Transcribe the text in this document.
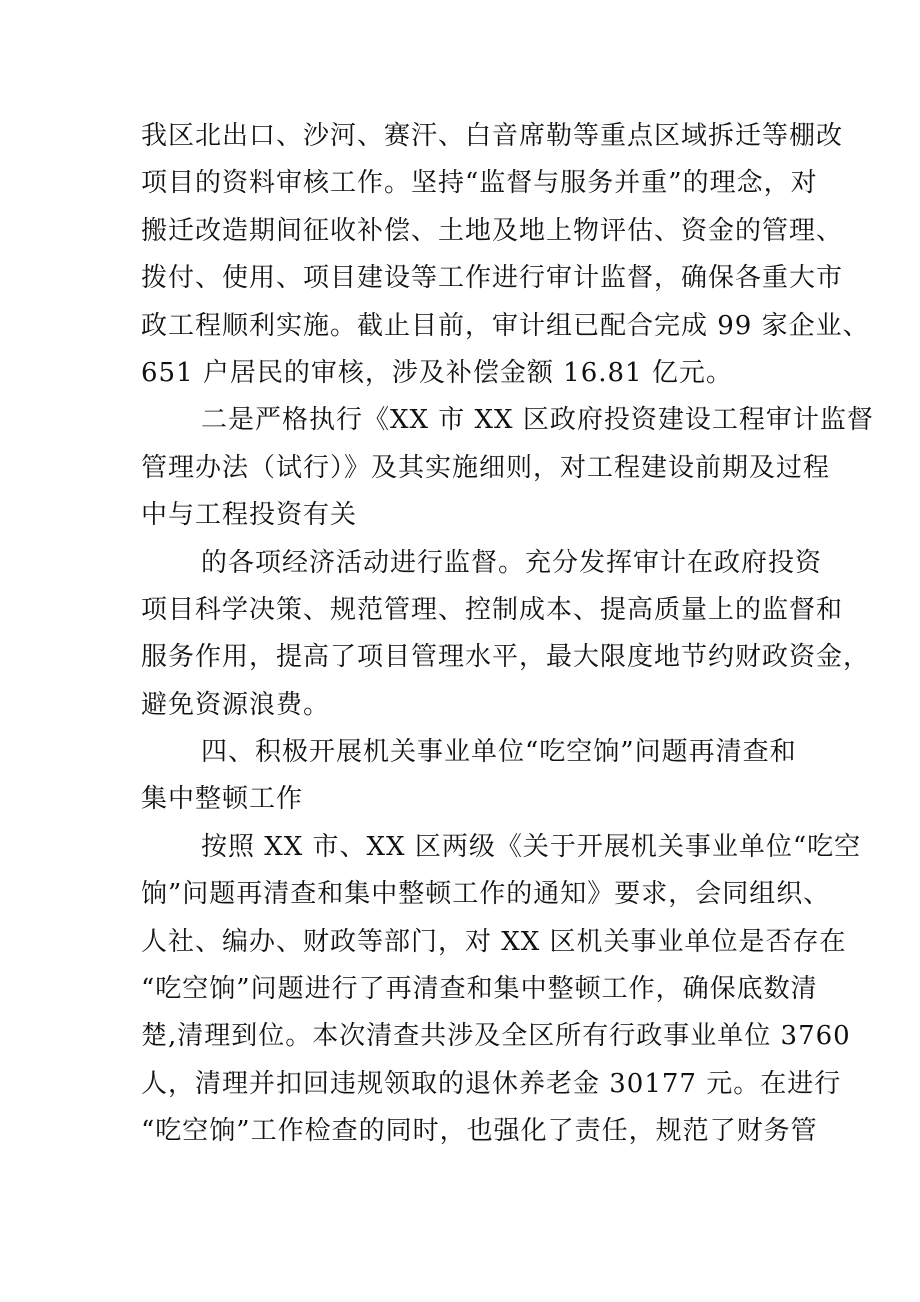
我区北出口、沙河、赛汗、白音席勒等重点区域拆迁等棚改
项目的资料审核工作。坚持“监督与服务并重”的理念，对
搬迁改造期间征收补偿、土地及地上物评估、资金的管理、
拨付、使用、项目建设等工作进行审计监督，确保各重大市
政工程顺利实施。截止目前，审计组已配合完成 99 家企业、
651 户居民的审核，涉及补偿金额 16.81 亿元。
二是严格执行《XX 市 XX 区政府投资建设工程审计监督
管理办法（试行）》及其实施细则，对工程建设前期及过程
中与工程投资有关
的各项经济活动进行监督。充分发挥审计在政府投资
项目科学决策、规范管理、控制成本、提高质量上的监督和
服务作用，提高了项目管理水平，最大限度地节约财政资金，
避免资源浪费。
四、积极开展机关事业单位“吃空饷”问题再清查和
集中整顿工作
按照 XX 市、XX 区两级《关于开展机关事业单位“吃空
饷”问题再清查和集中整顿工作的通知》要求，会同组织、
人社、编办、财政等部门，对 XX 区机关事业单位是否存在
“吃空饷”问题进行了再清查和集中整顿工作，确保底数清
楚,清理到位。本次清查共涉及全区所有行政事业单位 3760
人，清理并扣回违规领取的退休养老金 30177 元。在进行
“吃空饷”工作检查的同时，也强化了责任，规范了财务管
